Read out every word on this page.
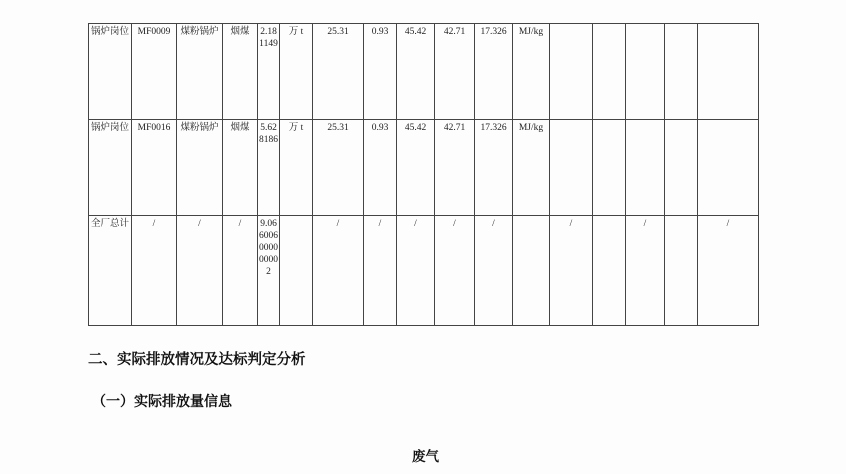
锅炉岗位	MF0009	煤粉锅炉	烟煤	2.181149	万 t	25.31	0.93	45.42	42.71	17.326	MJ/kg					
锅炉岗位	MF0016	煤粉锅炉	烟煤	5.628186	万 t	25.31	0.93	45.42	42.71	17.326	MJ/kg					
全厂总计	/	/	/	9.066006000000002		/	/	/	/	/		/		/		/
二、实际排放情况及达标判定分析
（一）实际排放量信息
废气
